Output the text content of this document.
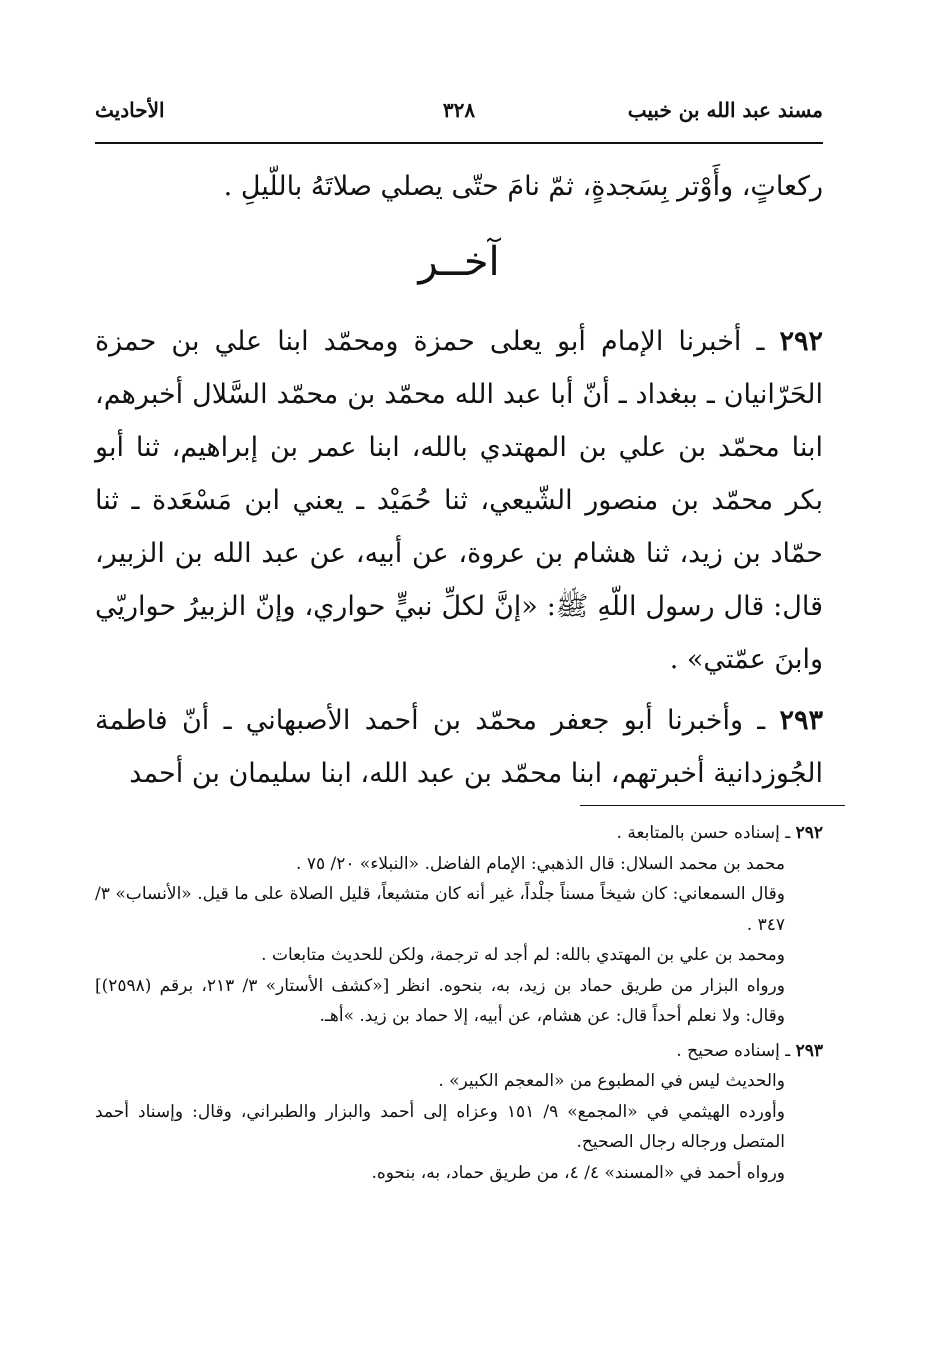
مسند عبد الله بن خبيب
٣٢٨
الأحاديث

ركعاتٍ، وأَوْتر بِسَجدةٍ، ثمّ نامَ حتّى يصلي صلاتَهُ باللّيلِ .

آخــر

٢٩٢ ـ أخبرنا الإمام أبو يعلى حمزة ومحمّد ابنا علي بن حمزة الحَرّانيان ـ ببغداد ـ أنّ أبا عبد الله محمّد بن محمّد السَّلال أخبرهم، ابنا محمّد بن علي بن المهتدي بالله، ابنا عمر بن إبراهيم، ثنا أبو بكر محمّد بن منصور الشّيعي، ثنا حُمَيْد ـ يعني ابن مَسْعَدة ـ ثنا حمّاد بن زيد، ثنا هشام بن عروة، عن أبيه، عن عبد الله بن الزبير، قال: قال رسول اللّهِ ﷺ: «إنَّ لكلِّ نبيٍّ حواري، وإنّ الزبيرُ حواريّي وابنَ عمّتي» .

٢٩٣ ـ وأخبرنا أبو جعفر محمّد بن أحمد الأصبهاني ـ أنّ فاطمة الجُوزدانية أخبرتهم، ابنا محمّد بن عبد الله، ابنا سليمان بن أحمد

٢٩٢ ـ إسناده حسن بالمتابعة .

محمد بن محمد السلال: قال الذهبي: الإمام الفاضل. «النبلاء» ٢٠/ ٧٥ .

وقال السمعاني: كان شيخاً مسناً جلْداً، غير أنه كان متشيعاً، قليل الصلاة على ما قيل. «الأنساب» ٣/ ٣٤٧ .

ومحمد بن علي بن المهتدي بالله: لم أجد له ترجمة، ولكن للحديث متابعات .

ورواه البزار من طريق حماد بن زيد، به، بنحوه. انظر [«كشف الأستار» ٣/ ٢١٣، برقم (٢٥٩٨)] وقال: ولا نعلم أحداً قال: عن هشام، عن أبيه، إلا حماد بن زيد. »أهـ.

٢٩٣ ـ إسناده صحيح .

والحديث ليس في المطبوع من «المعجم الكبير» .

وأورده الهيثمي في «المجمع» ٩/ ١٥١ وعزاه إلى أحمد والبزار والطبراني، وقال: وإسناد أحمد المتصل ورجاله رجال الصحيح.

ورواه أحمد في «المسند» ٤/ ٤، من طريق حماد، به، بنحوه.
